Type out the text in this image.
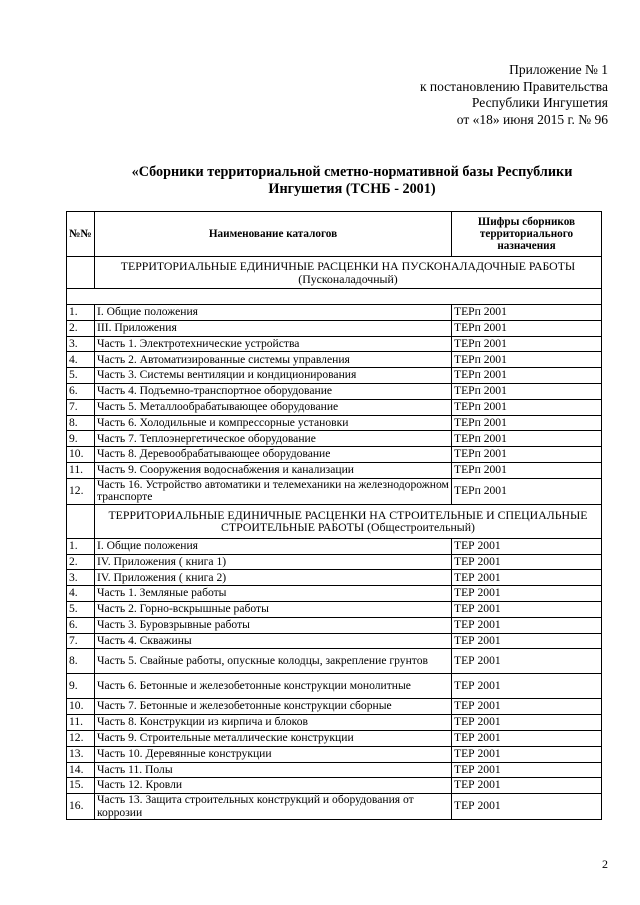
Приложение № 1
к постановлению Правительства
Республики Ингушетия
от «18» июня 2015 г. № 96
«Сборники территориальной сметно-нормативной базы Республики
Ингушетия (ТСНБ - 2001)
№№	Наименование каталогов	Шифры сборников территориального назначения
	ТЕРРИТОРИАЛЬНЫЕ ЕДИНИЧНЫЕ РАСЦЕНКИ НА ПУСКОНАЛАДОЧНЫЕ РАБОТЫ (Пусконаладочный)	

1.	I. Общие положения	ТЕРп 2001
2.	III. Приложения	ТЕРп 2001
3.	Часть 1. Электротехнические устройства	ТЕРп 2001
4.	Часть 2. Автоматизированные системы управления	ТЕРп 2001
5.	Часть 3. Системы вентиляции и кондиционирования	ТЕРп 2001
6.	Часть 4. Подъемно-транспортное оборудование	ТЕРп 2001
7.	Часть 5. Металлообрабатывающее оборудование	ТЕРп 2001
8.	Часть 6. Холодильные и компрессорные установки	ТЕРп 2001
9.	Часть 7. Теплоэнергетическое оборудование	ТЕРп 2001
10.	Часть 8. Деревообрабатывающее оборудование	ТЕРп 2001
11.	Часть 9. Сооружения водоснабжения и канализации	ТЕРп 2001
12.	Часть 16. Устройство автоматики и телемеханики на железнодорожном транспорте	ТЕРп 2001
	ТЕРРИТОРИАЛЬНЫЕ ЕДИНИЧНЫЕ РАСЦЕНКИ НА СТРОИТЕЛЬНЫЕ И СПЕЦИАЛЬНЫЕ СТРОИТЕЛЬНЫЕ РАБОТЫ (Общестроительный)	
1.	I. Общие положения	ТЕР 2001
2.	IV. Приложения ( книга 1)	ТЕР 2001
3.	IV. Приложения ( книга 2)	ТЕР 2001
4.	Часть 1. Земляные работы	ТЕР 2001
5.	Часть 2. Горно-вскрышные работы	ТЕР 2001
6.	Часть 3. Буровзрывные работы	ТЕР 2001
7.	Часть 4. Скважины	ТЕР 2001
8.	Часть 5. Свайные работы, опускные колодцы, закрепление грунтов	ТЕР 2001
9.	Часть 6. Бетонные и железобетонные конструкции монолитные	ТЕР 2001
10.	Часть 7. Бетонные и железобетонные конструкции сборные	ТЕР 2001
11.	Часть 8. Конструкции из кирпича и блоков	ТЕР 2001
12.	Часть 9. Строительные металлические конструкции	ТЕР 2001
13.	Часть 10. Деревянные конструкции	ТЕР 2001
14.	Часть 11. Полы	ТЕР 2001
15.	Часть 12. Кровли	ТЕР 2001
16.	Часть 13. Защита строительных конструкций и оборудования от коррозии	ТЕР 2001
2
